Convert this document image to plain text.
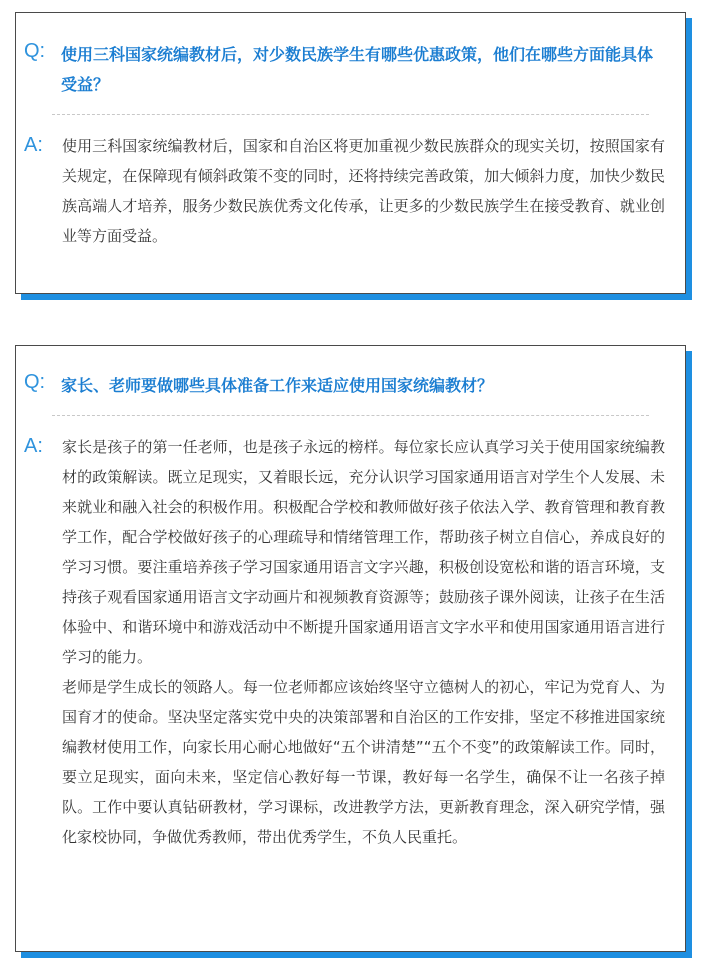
Q: 使用三科国家统编教材后，对少数民族学生有哪些优惠政策，他们在哪些方面能具体受益？
A:	使用三科国家统编教材后，国家和自治区将更加重视少数民族群众的现实关切，按照国家有关规定，在保障现有倾斜政策不变的同时，还将持续完善政策，加大倾斜力度，加快少数民族高端人才培养，服务少数民族优秀文化传承，让更多的少数民族学生在接受教育、就业创业等方面受益。

Q: 家长、老师要做哪些具体准备工作来适应使用国家统编教材？
A:	家长是孩子的第一任老师，也是孩子永远的榜样。每位家长应认真学习关于使用国家统编教材的政策解读。既立足现实，又着眼长远，充分认识学习国家通用语言对学生个人发展、未来就业和融入社会的积极作用。积极配合学校和教师做好孩子依法入学、教育管理和教育教学工作，配合学校做好孩子的心理疏导和情绪管理工作，帮助孩子树立自信心，养成良好的学习习惯。要注重培养孩子学习国家通用语言文字兴趣，积极创设宽松和谐的语言环境，支持孩子观看国家通用语言文字动画片和视频教育资源等；鼓励孩子课外阅读，让孩子在生活体验中、和谐环境中和游戏活动中不断提升国家通用语言文字水平和使用国家通用语言进行学习的能力。

老师是学生成长的领路人。每一位老师都应该始终坚守立德树人的初心，牢记为党育人、为国育才的使命。坚决坚定落实党中央的决策部署和自治区的工作安排，坚定不移推进国家统编教材使用工作，向家长用心耐心地做好“五个讲清楚”“五个不变”的政策解读工作。同时，要立足现实，面向未来，坚定信心教好每一节课，教好每一名学生，确保不让一名孩子掉队。工作中要认真钻研教材，学习课标，改进教学方法，更新教育理念，深入研究学情，强化家校协同，争做优秀教师，带出优秀学生，不负人民重托。
